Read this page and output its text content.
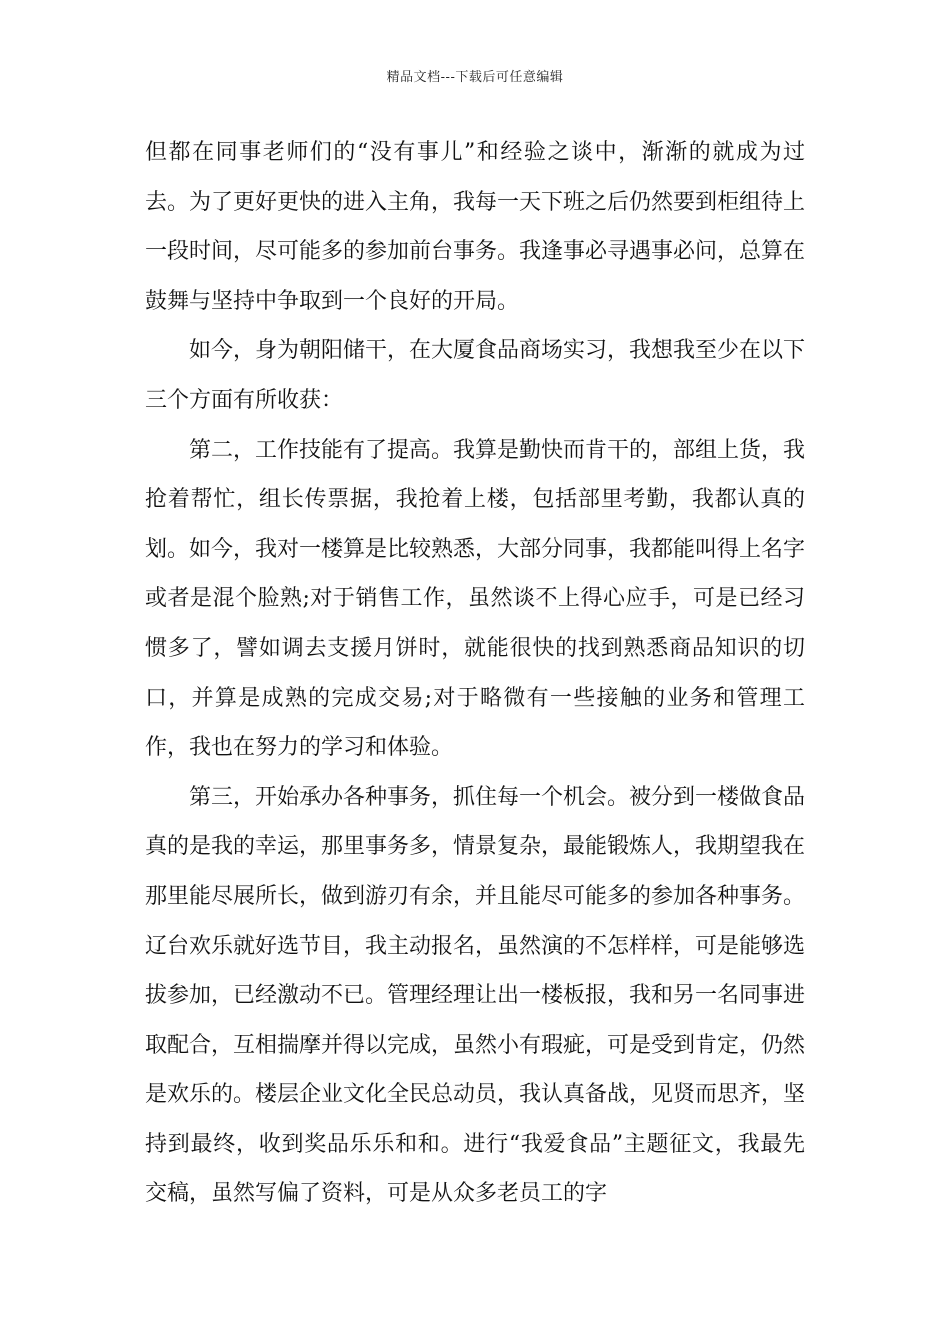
精品文档---下载后可任意编辑

但都在同事老师们的“没有事儿”和经验之谈中，渐渐的就成为过去。为了更好更快的进入主角，我每一天下班之后仍然要到柜组待上一段时间，尽可能多的参加前台事务。我逢事必寻遇事必问，总算在鼓舞与坚持中争取到一个良好的开局。

如今，身为朝阳储干，在大厦食品商场实习，我想我至少在以下三个方面有所收获：

第二，工作技能有了提高。我算是勤快而肯干的，部组上货，我抢着帮忙，组长传票据，我抢着上楼，包括部里考勤，我都认真的划。如今，我对一楼算是比较熟悉，大部分同事，我都能叫得上名字或者是混个脸熟;对于销售工作，虽然谈不上得心应手，可是已经习惯多了，譬如调去支援月饼时，就能很快的找到熟悉商品知识的切口，并算是成熟的完成交易;对于略微有一些接触的业务和管理工作，我也在努力的学习和体验。

第三，开始承办各种事务，抓住每一个机会。被分到一楼做食品真的是我的幸运，那里事务多，情景复杂，最能锻炼人，我期望我在那里能尽展所长，做到游刃有余，并且能尽可能多的参加各种事务。辽台欢乐就好选节目，我主动报名，虽然演的不怎样样，可是能够选拔参加，已经激动不已。管理经理让出一楼板报，我和另一名同事进取配合，互相揣摩并得以完成，虽然小有瑕疵，可是受到肯定，仍然是欢乐的。楼层企业文化全民总动员，我认真备战，见贤而思齐，坚持到最终，收到奖品乐乐和和。进行“我爱食品”主题征文，我最先交稿，虽然写偏了资料，可是从众多老员工的字
